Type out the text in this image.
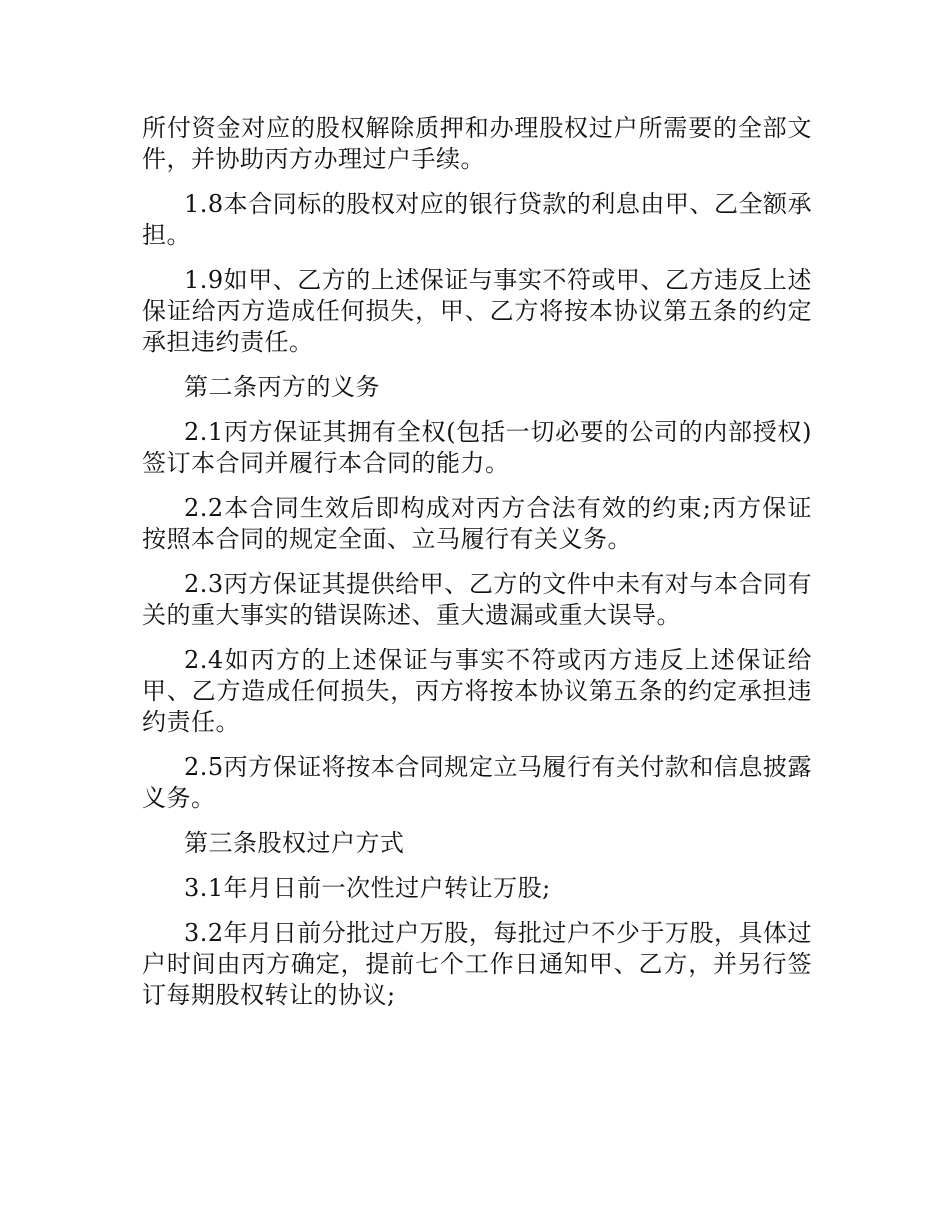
所付资金对应的股权解除质押和办理股权过户所需要的全部文件，并协助丙方办理过户手续。

1.8本合同标的股权对应的银行贷款的利息由甲、乙全额承担。

1.9如甲、乙方的上述保证与事实不符或甲、乙方违反上述保证给丙方造成任何损失，甲、乙方将按本协议第五条的约定承担违约责任。

第二条丙方的义务

2.1丙方保证其拥有全权(包括一切必要的公司的内部授权)签订本合同并履行本合同的能力。

2.2本合同生效后即构成对丙方合法有效的约束;丙方保证按照本合同的规定全面、立马履行有关义务。

2.3丙方保证其提供给甲、乙方的文件中未有对与本合同有关的重大事实的错误陈述、重大遗漏或重大误导。

2.4如丙方的上述保证与事实不符或丙方违反上述保证给甲、乙方造成任何损失，丙方将按本协议第五条的约定承担违约责任。

2.5丙方保证将按本合同规定立马履行有关付款和信息披露义务。

第三条股权过户方式

3.1年月日前一次性过户转让万股;

3.2年月日前分批过户万股，每批过户不少于万股，具体过户时间由丙方确定，提前七个工作日通知甲、乙方，并另行签订每期股权转让的协议;
